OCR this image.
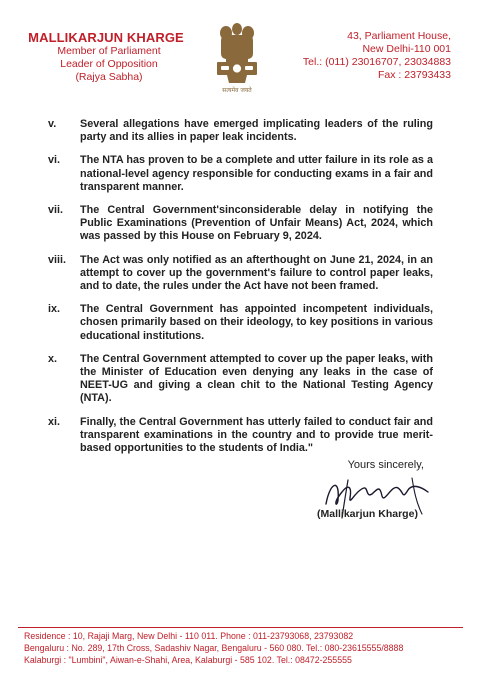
MALLIKARJUN KHARGE
Member of Parliament
Leader of Opposition
(Rajya Sabha)
सत्यमेव जयते
43, Parliament House,
New Delhi-110 001
Tel.: (011) 23016707, 23034883
Fax : 23793433
v. Several allegations have emerged implicating leaders of the ruling party and its allies in paper leak incidents.
vi. The NTA has proven to be a complete and utter failure in its role as a national-level agency responsible for conducting exams in a fair and transparent manner.
vii. The Central Government'sinconsiderable delay in notifying the Public Examinations (Prevention of Unfair Means) Act, 2024, which was passed by this House on February 9, 2024.
viii. The Act was only notified as an afterthought on June 21, 2024, in an attempt to cover up the government's failure to control paper leaks, and to date, the rules under the Act have not been framed.
ix. The Central Government has appointed incompetent individuals, chosen primarily based on their ideology, to key positions in various educational institutions.
x. The Central Government attempted to cover up the paper leaks, with the Minister of Education even denying any leaks in the case of NEET-UG and giving a clean chit to the National Testing Agency (NTA).
xi. Finally, the Central Government has utterly failed to conduct fair and transparent examinations in the country and to provide true merit-based opportunities to the students of India."
Yours sincerely,
(Mallikarjun Kharge)
Residence : 10, Rajaji Marg, New Delhi - 110 011. Phone : 011-23793068, 23793082
Bengaluru : No. 289, 17th Cross, Sadashiv Nagar, Bengaluru - 560 080. Tel.: 080-23615555/8888
Kalaburgi : "Lumbini", Aiwan-e-Shahi, Area, Kalaburgi - 585 102. Tel.: 08472-255555
